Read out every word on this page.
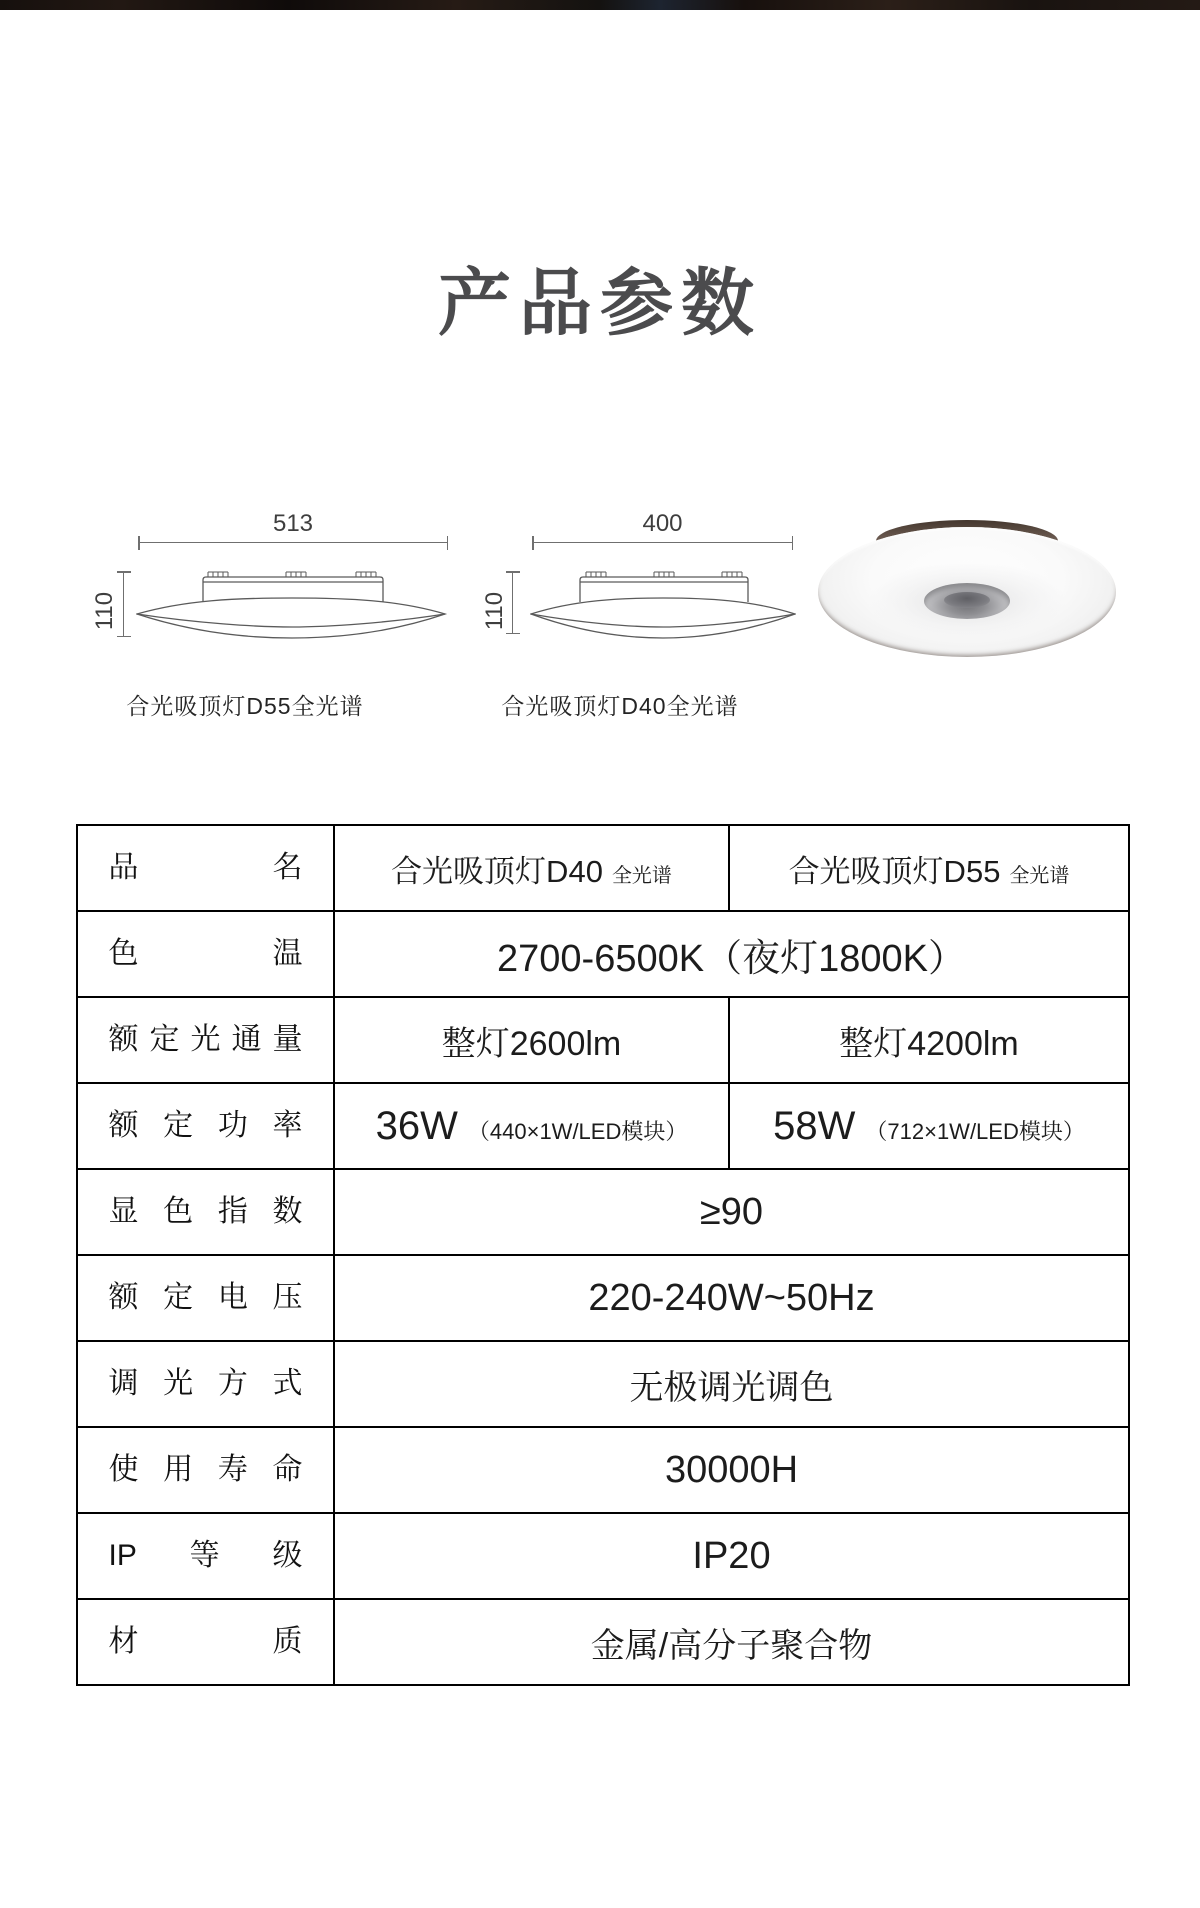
产品参数
513
110
合光吸顶灯D55全光谱
400
110
合光吸顶灯D40全光谱
品名	合光吸顶灯D40 全光谱	合光吸顶灯D55 全光谱

色温	2700-6500K（夜灯1800K）	

额定光通量	整灯2600lm	整灯4200lm

额定功率	36W （440×1W/LED模块）	58W （712×1W/LED模块）

显色指数	≥90	

额定电压	220-240W~50Hz	

调光方式	无极调光调色	

使用寿命	30000H	

IP等级	IP20	

材质	金属/高分子聚合物	
